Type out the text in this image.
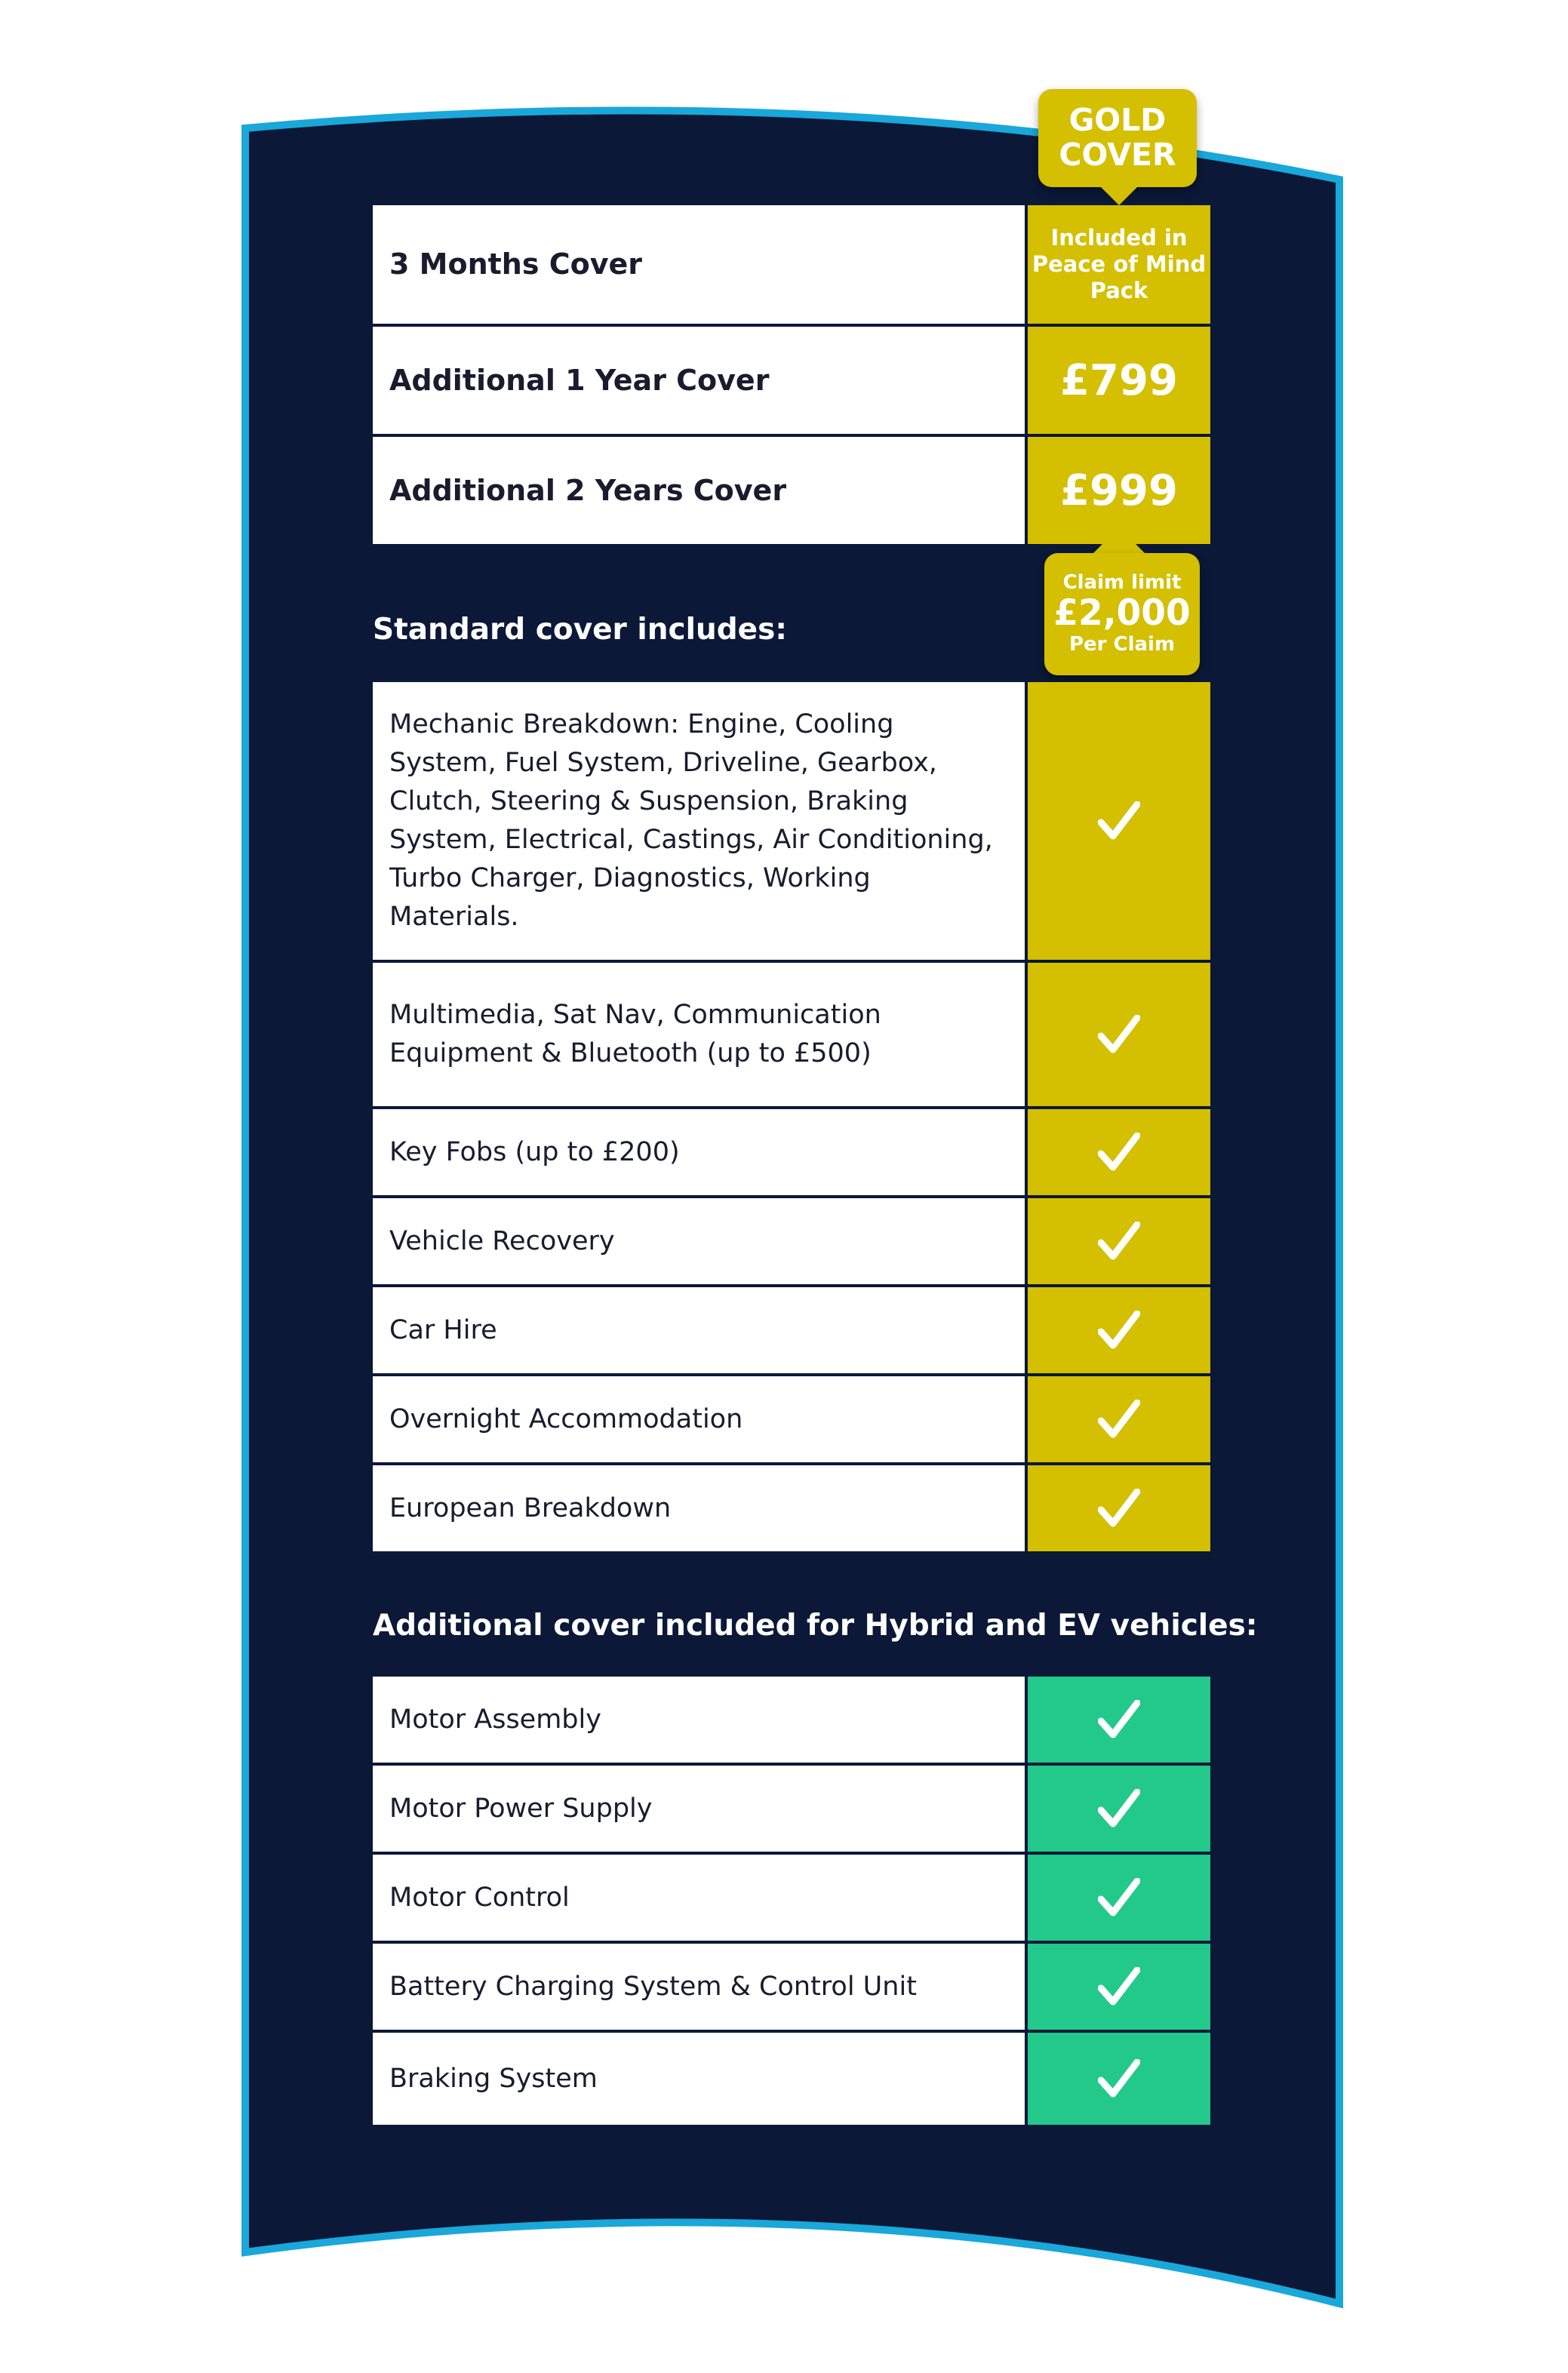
GOLD
COVER
3 Months Cover
Included in Peace of Mind Pack
Additional 1 Year Cover	£799
Additional 2 Years Cover	£999
Claim limit
£2,000
Per Claim
Standard cover includes:
Mechanic Breakdown: Engine, Cooling System, Fuel System, Driveline, Gearbox, Clutch, Steering & Suspension, Braking System, Electrical, Castings, Air Conditioning, Turbo Charger, Diagnostics, Working Materials.
Multimedia, Sat Nav, Communication Equipment & Bluetooth (up to £500)
Key Fobs (up to £200)
Vehicle Recovery
Car Hire
Overnight Accommodation
European Breakdown
Additional cover included for Hybrid and EV vehicles:
Motor Assembly
Motor Power Supply
Motor Control
Battery Charging System & Control Unit
Braking System
